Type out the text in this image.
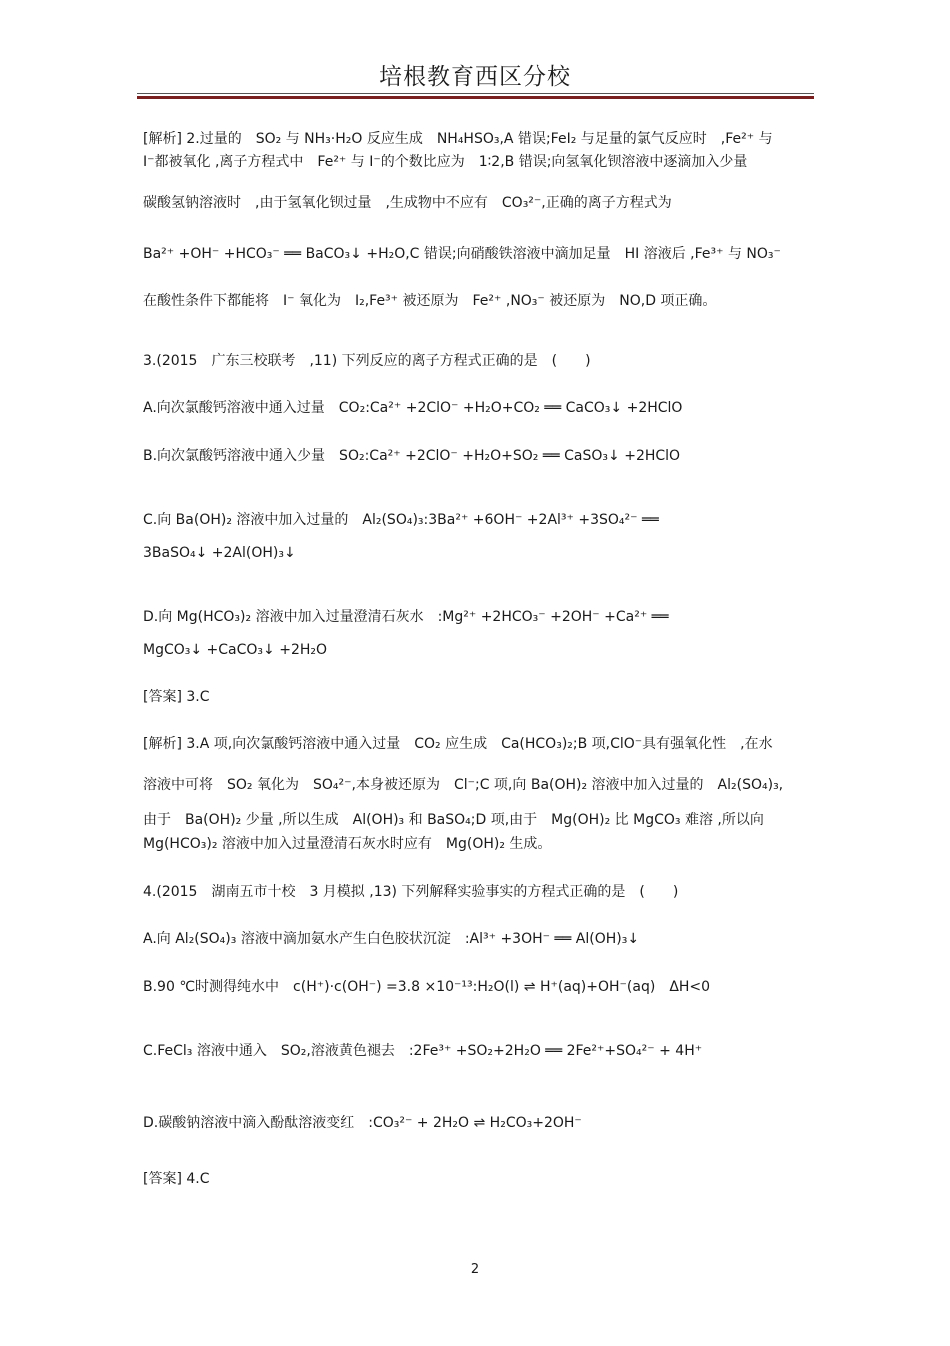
培根教育西区分校
[解析] 2.过量的　SO₂ 与 NH₃·H₂O 反应生成　NH₄HSO₃,A 错误;FeI₂ 与足量的氯气反应时　,Fe²⁺ 与
I⁻都被氧化 ,离子方程式中　Fe²⁺ 与 I⁻的个数比应为　1∶2,B 错误;向氢氧化钡溶液中逐滴加入少量
碳酸氢钠溶液时　,由于氢氧化钡过量　,生成物中不应有　CO₃²⁻,正确的离子方程式为
Ba²⁺ +OH⁻ +HCO₃⁻ ══ BaCO₃↓ +H₂O,C 错误;向硝酸铁溶液中滴加足量　HI 溶液后 ,Fe³⁺ 与 NO₃⁻
在酸性条件下都能将　I⁻ 氧化为　I₂,Fe³⁺ 被还原为　Fe²⁺ ,NO₃⁻ 被还原为　NO,D 项正确。
3.(2015　广东三校联考　,11) 下列反应的离子方程式正确的是　(　　)
A.向次氯酸钙溶液中通入过量　CO₂:Ca²⁺ +2ClO⁻ +H₂O+CO₂ ══ CaCO₃↓ +2HClO
B.向次氯酸钙溶液中通入少量　SO₂:Ca²⁺ +2ClO⁻ +H₂O+SO₂ ══ CaSO₃↓ +2HClO
C.向 Ba(OH)₂ 溶液中加入过量的　Al₂(SO₄)₃:3Ba²⁺ +6OH⁻ +2Al³⁺ +3SO₄²⁻ ══
3BaSO₄↓ +2Al(OH)₃↓
D.向 Mg(HCO₃)₂ 溶液中加入过量澄清石灰水　:Mg²⁺ +2HCO₃⁻ +2OH⁻ +Ca²⁺ ══
MgCO₃↓ +CaCO₃↓ +2H₂O
[答案] 3.C
[解析] 3.A 项,向次氯酸钙溶液中通入过量　CO₂ 应生成　Ca(HCO₃)₂;B 项,ClO⁻具有强氧化性　,在水
溶液中可将　SO₂ 氧化为　SO₄²⁻,本身被还原为　Cl⁻;C 项,向 Ba(OH)₂ 溶液中加入过量的　Al₂(SO₄)₃,
由于　Ba(OH)₂ 少量 ,所以生成　Al(OH)₃ 和 BaSO₄;D 项,由于　Mg(OH)₂ 比 MgCO₃ 难溶 ,所以向
Mg(HCO₃)₂ 溶液中加入过量澄清石灰水时应有　Mg(OH)₂ 生成。
4.(2015　湖南五市十校　3 月模拟 ,13) 下列解释实验事实的方程式正确的是　(　　)
A.向 Al₂(SO₄)₃ 溶液中滴加氨水产生白色胶状沉淀　:Al³⁺ +3OH⁻ ══ Al(OH)₃↓
B.90 ℃时测得纯水中　c(H⁺)·c(OH⁻) =3.8 ×10⁻¹³:H₂O(l) ⇌ H⁺(aq)+OH⁻(aq)　ΔH<0
C.FeCl₃ 溶液中通入　SO₂,溶液黄色褪去　:2Fe³⁺ +SO₂+2H₂O ══ 2Fe²⁺+SO₄²⁻ + 4H⁺
D.碳酸钠溶液中滴入酚酞溶液变红　:CO₃²⁻ + 2H₂O ⇌ H₂CO₃+2OH⁻
[答案] 4.C
2
